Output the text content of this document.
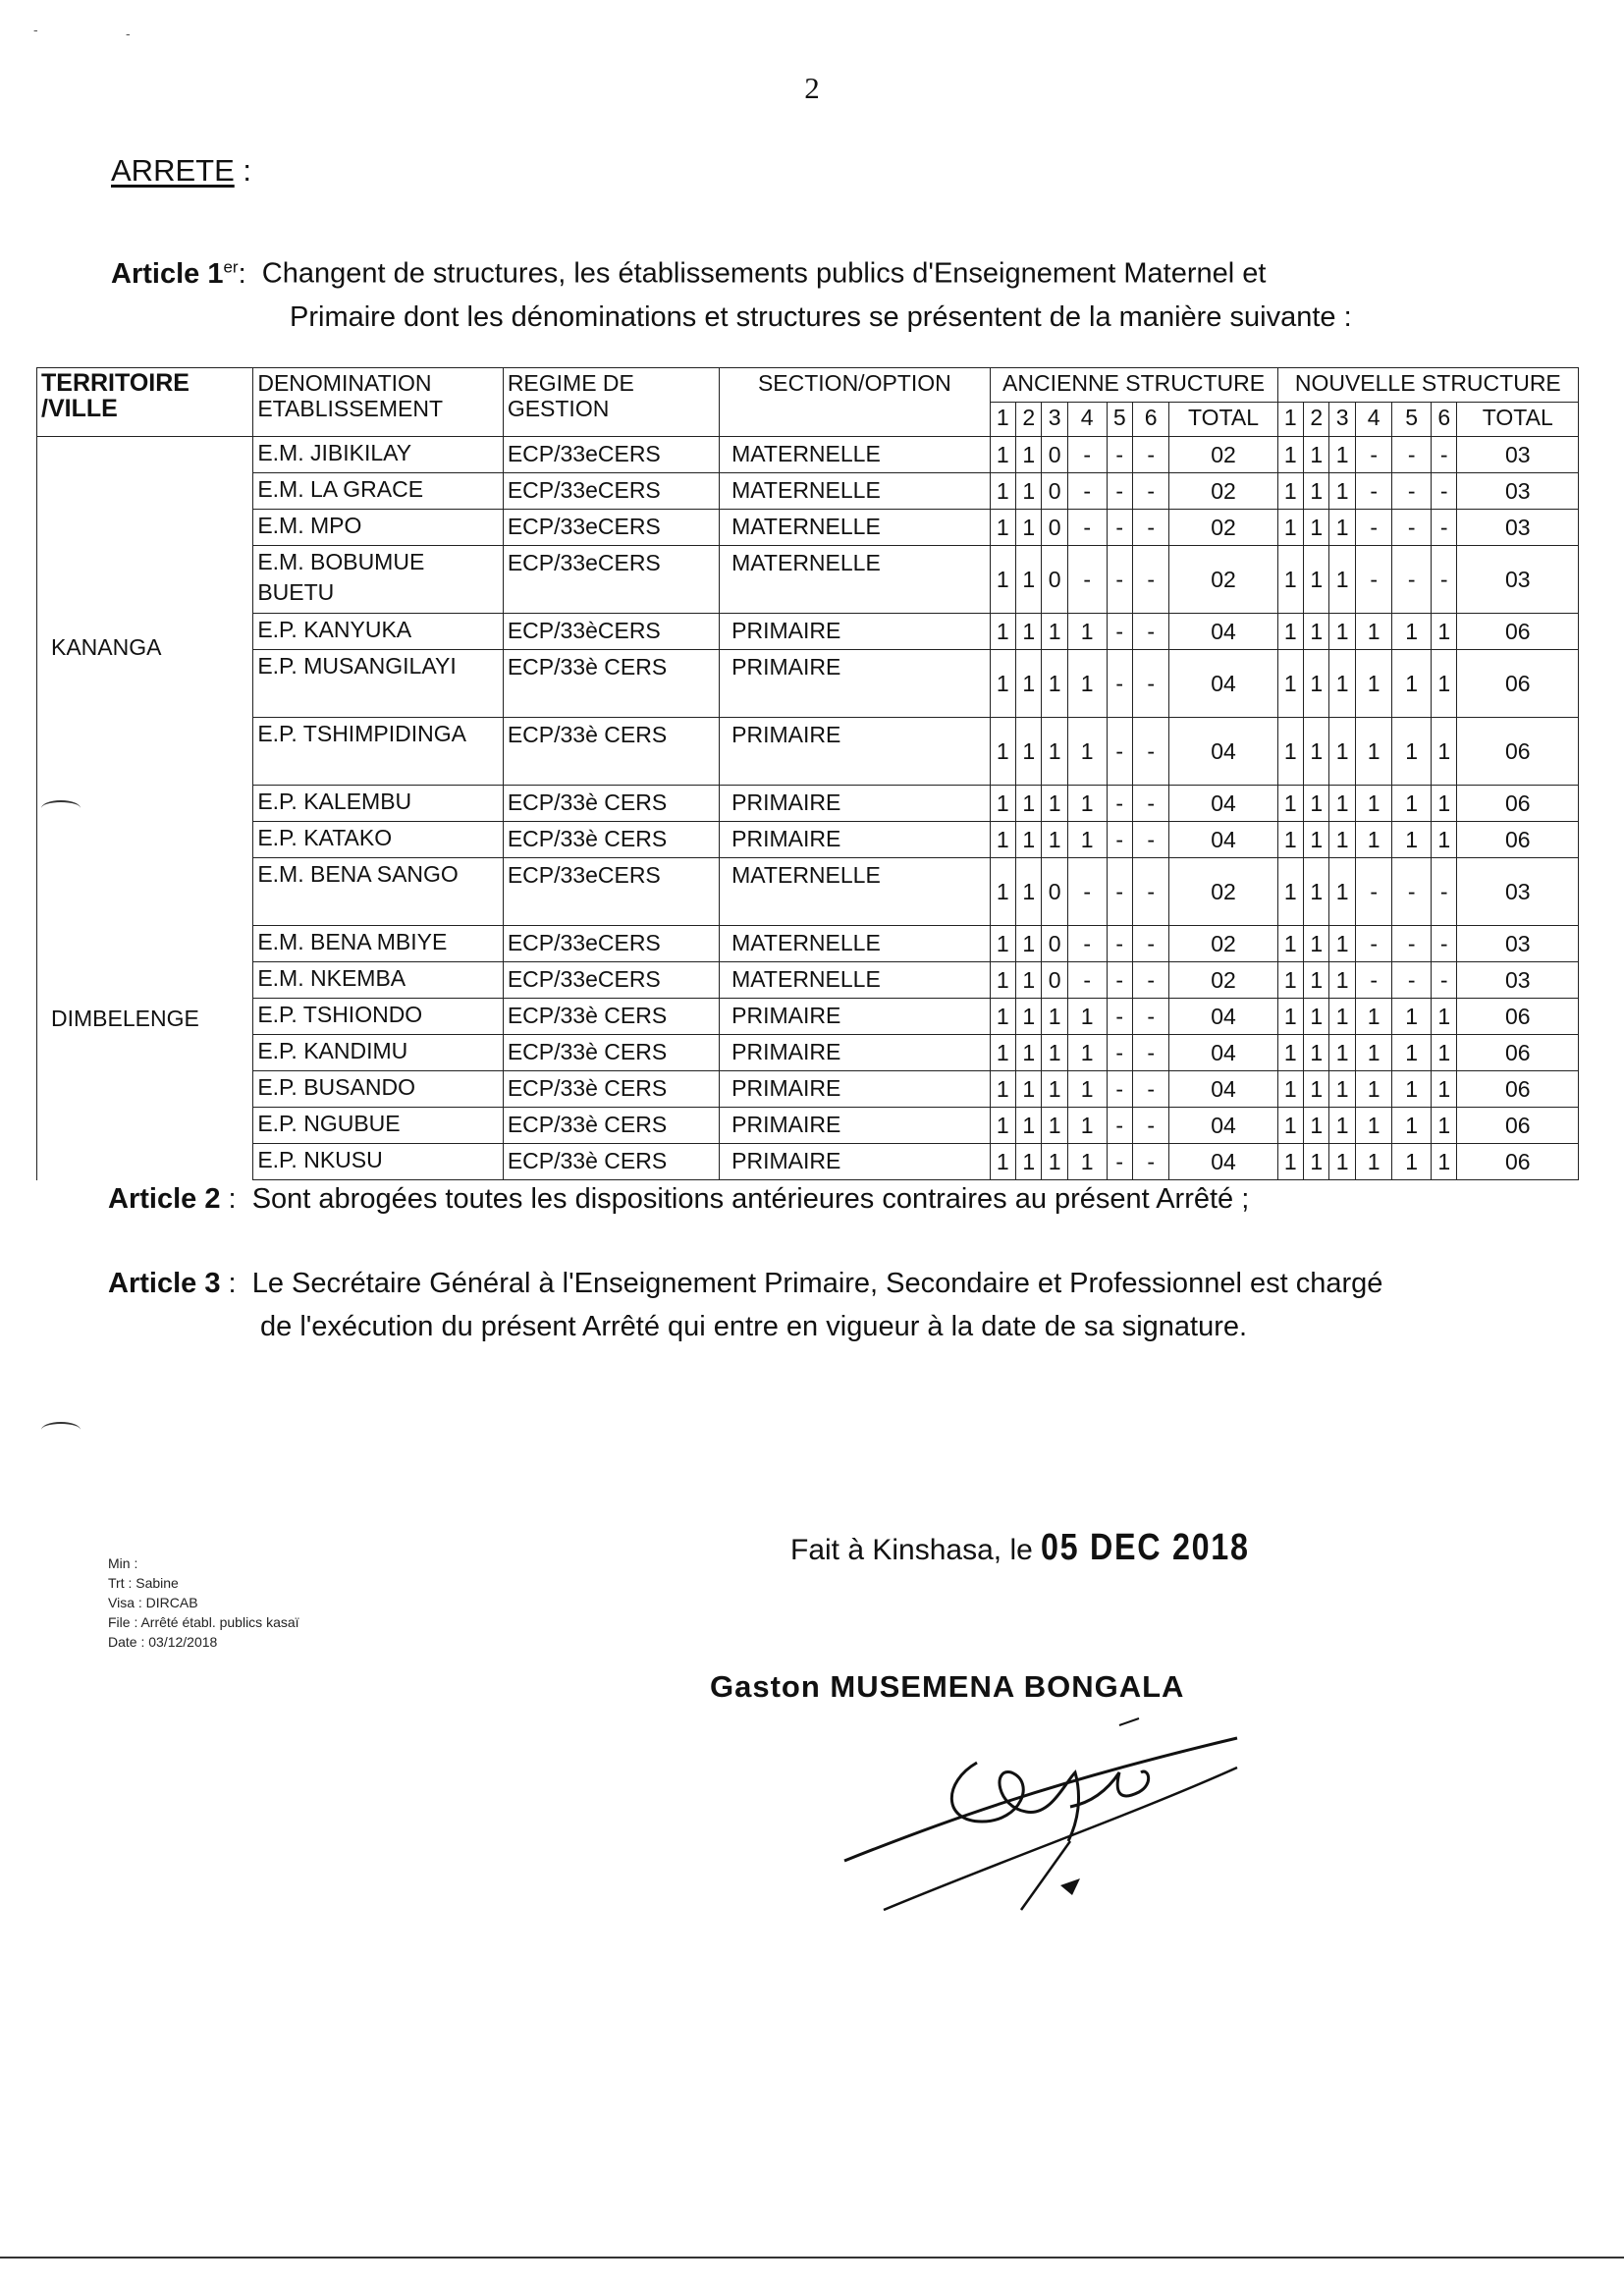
-	-
2
ARRETE :
Article 1er: Changent de structures, les établissements publics d'Enseignement Maternel et
Primaire dont les dénominations et structures se présentent de la manière suivante :
TERRITOIRE /VILLE	DENOMINATION ETABLISSEMENT	REGIME DE GESTION	SECTION/OPTION	ANCIENNE STRUCTURE							NOUVELLE STRUCTURE						
				1	2	3	4	5	6	TOTAL	1	2	3	4	5	6	TOTAL
KANANGA	E.M. JIBIKILAY	ECP/33eCERS	MATERNELLE	1	1	0	-	-	-	02	1	1	1	-	-	-	03
	E.M. LA GRACE	ECP/33eCERS	MATERNELLE	1	1	0	-	-	-	02	1	1	1	-	-	-	03
	E.M. MPO	ECP/33eCERS	MATERNELLE	1	1	0	-	-	-	02	1	1	1	-	-	-	03
	E.M. BOBUMUE BUETU	ECP/33eCERS	MATERNELLE	1	1	0	-	-	-	02	1	1	1	-	-	-	03
	E.P. KANYUKA	ECP/33èCERS	PRIMAIRE	1	1	1	1	-	-	04	1	1	1	1	1	1	06
	E.P. MUSANGILAYI	ECP/33è CERS	PRIMAIRE	1	1	1	1	-	-	04	1	1	1	1	1	1	06
	E.P. TSHIMPIDINGA	ECP/33è CERS	PRIMAIRE	1	1	1	1	-	-	04	1	1	1	1	1	1	06
	E.P. KALEMBU	ECP/33è CERS	PRIMAIRE	1	1	1	1	-	-	04	1	1	1	1	1	1	06
	E.P. KATAKO	ECP/33è CERS	PRIMAIRE	1	1	1	1	-	-	04	1	1	1	1	1	1	06
DIMBELENGE	E.M. BENA SANGO	ECP/33eCERS	MATERNELLE	1	1	0	-	-	-	02	1	1	1	-	-	-	03
	E.M. BENA MBIYE	ECP/33eCERS	MATERNELLE	1	1	0	-	-	-	02	1	1	1	-	-	-	03
	E.M. NKEMBA	ECP/33eCERS	MATERNELLE	1	1	0	-	-	-	02	1	1	1	-	-	-	03
	E.P. TSHIONDO	ECP/33è CERS	PRIMAIRE	1	1	1	1	-	-	04	1	1	1	1	1	1	06
	E.P. KANDIMU	ECP/33è CERS	PRIMAIRE	1	1	1	1	-	-	04	1	1	1	1	1	1	06
	E.P. BUSANDO	ECP/33è CERS	PRIMAIRE	1	1	1	1	-	-	04	1	1	1	1	1	1	06
	E.P. NGUBUE	ECP/33è CERS	PRIMAIRE	1	1	1	1	-	-	04	1	1	1	1	1	1	06
	E.P. NKUSU	ECP/33è CERS	PRIMAIRE	1	1	1	1	-	-	04	1	1	1	1	1	1	06
Article 2 : Sont abrogées toutes les dispositions antérieures contraires au présent Arrêté ;
Article 3 : Le Secrétaire Général à l'Enseignement Primaire, Secondaire et Professionnel est chargé
de l'exécution du présent Arrêté qui entre en vigueur à la date de sa signature.
Min :
Trt : Sabine
Visa : DIRCAB
File : Arrêté établ. publics kasaï
Date : 03/12/2018
Fait à Kinshasa, le 05 DEC 2018
Gaston MUSEMENA BONGALA
